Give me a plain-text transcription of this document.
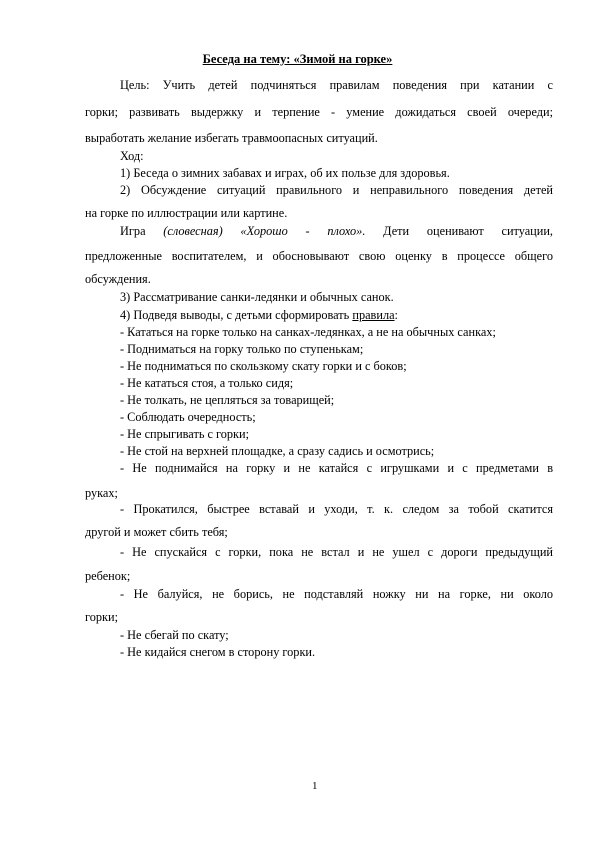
Беседа на тему: «Зимой на горке»
Цель: Учить детей подчиняться правилам поведения при катании с
горки; развивать выдержку и терпение - умение дожидаться своей очереди;
выработать желание избегать травмоопасных ситуаций.
Ход:
1) Беседа о зимних забавах и играх, об их пользе для здоровья.
2) Обсуждение ситуаций правильного и неправильного поведения детей
на горке по иллюстрации или картине.
Игра (словесная) «Хорошо - плохо». Дети оценивают ситуации,
предложенные воспитателем, и обосновывают свою оценку в процессе общего
обсуждения.
3) Рассматривание санки-ледянки и обычных санок.
4) Подведя выводы, с детьми сформировать правила:
- Кататься на горке только на санках-ледянках, а не на обычных санках;
- Подниматься на горку только по ступенькам;
- Не подниматься по скользкому скату горки и с боков;
- Не кататься стоя, а только сидя;
- Не толкать, не цепляться за товарищей;
- Соблюдать очередность;
- Не спрыгивать с горки;
- Не стой на верхней площадке, а сразу садись и осмотрись;
- Не поднимайся на горку и не катайся с игрушками и с предметами в
руках;
- Прокатился, быстрее вставай и уходи, т. к. следом за тобой скатится
другой и может сбить тебя;
- Не спускайся с горки, пока не встал и не ушел с дороги предыдущий
ребенок;
- Не балуйся, не борись, не подставляй ножку ни на горке, ни около
горки;
- Не сбегай по скату;
- Не кидайся снегом в сторону горки.
1
